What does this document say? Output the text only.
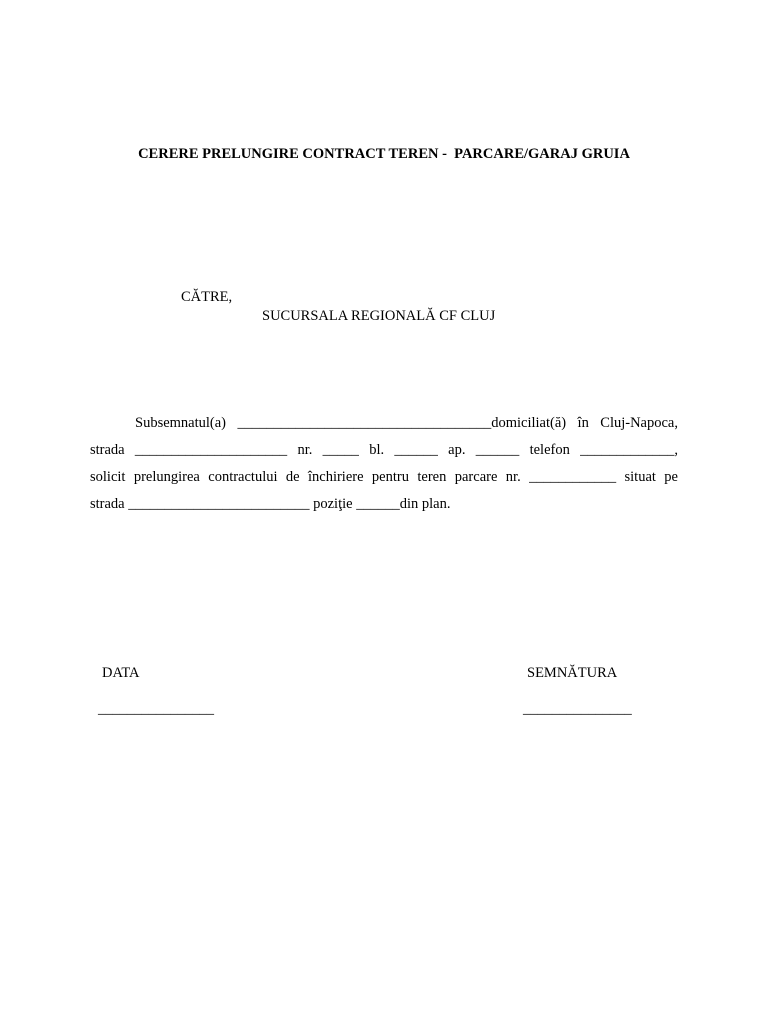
CERERE PRELUNGIRE CONTRACT TEREN -  PARCARE/GARAJ GRUIA
CĂTRE,
SUCURSALA REGIONALĂ CF CLUJ
Subsemnatul(a) ___________________________________domiciliat(ă) în Cluj-Napoca,
strada _____________________ nr. _____ bl. ______ ap. ______ telefon _____________,
solicit prelungirea contractului de închiriere pentru teren parcare nr. ____________ situat pe
strada _________________________ poziţie ______din plan.
DATA
________________
SEMNĂTURA
_______________
